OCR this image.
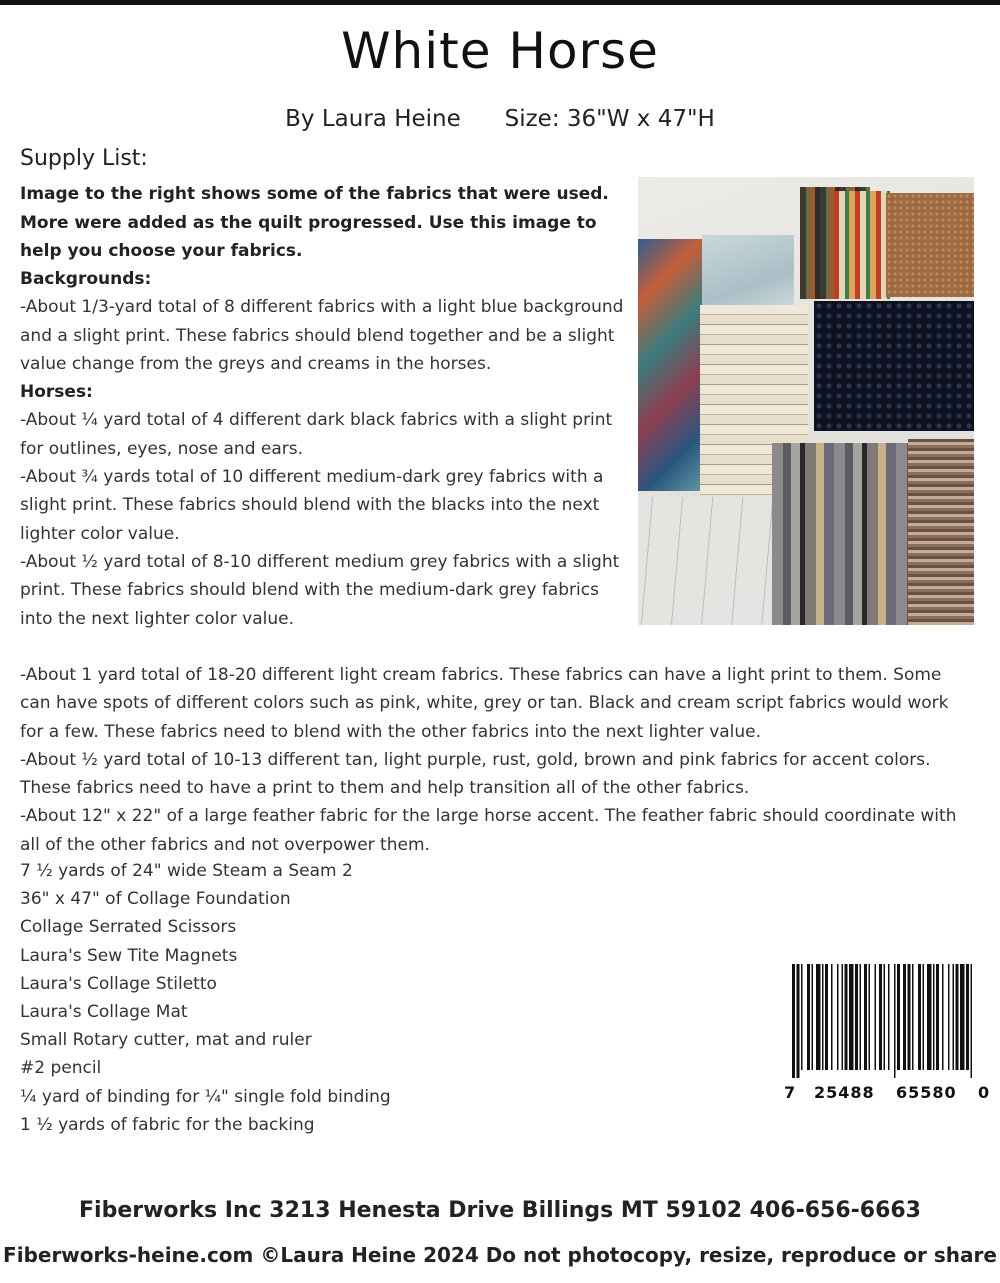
White Horse
By Laura Heine      Size: 36"W x 47"H
Supply List:
Image to the right shows some of the fabrics that were used. More were added as the quilt progressed. Use this image to help you choose your fabrics.
Backgrounds:
-About 1/3-yard total of 8 different fabrics with a light blue background and a slight print. These fabrics should blend together and be a slight value change from the greys and creams in the horses.
Horses:
-About ¼ yard total of 4 different dark black fabrics with a slight print for outlines, eyes, nose and ears.
-About ¾ yards total of 10 different medium-dark grey fabrics with a slight print. These fabrics should blend with the blacks into the next lighter color value.
-About ½ yard total of 8-10 different medium grey fabrics with a slight print. These fabrics should blend with the medium-dark grey fabrics into the next lighter color value.
-About 1 yard total of 18-20 different light cream fabrics. These fabrics can have a light print to them. Some can have spots of different colors such as pink, white, grey or tan. Black and cream script fabrics would work for a few. These fabrics need to blend with the other fabrics into the next lighter value.
-About ½ yard total of 10-13 different tan, light purple, rust, gold, brown and pink fabrics for accent colors. These fabrics need to have a print to them and help transition all of the other fabrics.
-About 12" x 22" of a large feather fabric for the large horse accent. The feather fabric should coordinate with all of the other fabrics and not overpower them.
7 ½ yards of 24" wide Steam a Seam 2
36" x 47" of Collage Foundation
Collage Serrated Scissors
Laura's Sew Tite Magnets
Laura's Collage Stiletto
Laura's Collage Mat
Small Rotary cutter, mat and ruler
#2 pencil
¼ yard of binding for ¼" single fold binding
1 ½ yards of fabric for the backing
7 25488 65580 0
Fiberworks Inc 3213 Henesta Drive Billings MT 59102 406-656-6663
Fiberworks-heine.com ©Laura Heine 2024 Do not photocopy, resize, reproduce or share
